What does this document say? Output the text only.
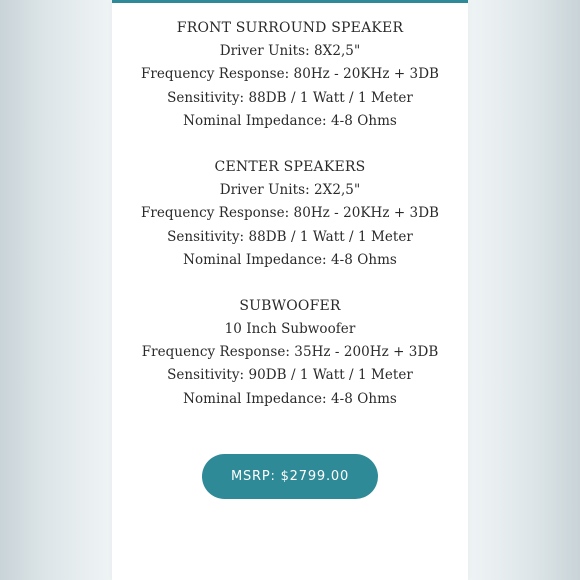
FRONT SURROUND SPEAKER
Driver Units: 8X2,5"
Frequency Response: 80Hz - 20KHz + 3DB
Sensitivity: 88DB / 1 Watt / 1 Meter
Nominal Impedance: 4-8 Ohms
CENTER SPEAKERS
Driver Units: 2X2,5"
Frequency Response: 80Hz - 20KHz + 3DB
Sensitivity: 88DB / 1 Watt / 1 Meter
Nominal Impedance: 4-8 Ohms
SUBWOOFER
10 Inch Subwoofer
Frequency Response: 35Hz - 200Hz + 3DB
Sensitivity: 90DB / 1 Watt / 1 Meter
Nominal Impedance: 4-8 Ohms
MSRP: $2799.00
